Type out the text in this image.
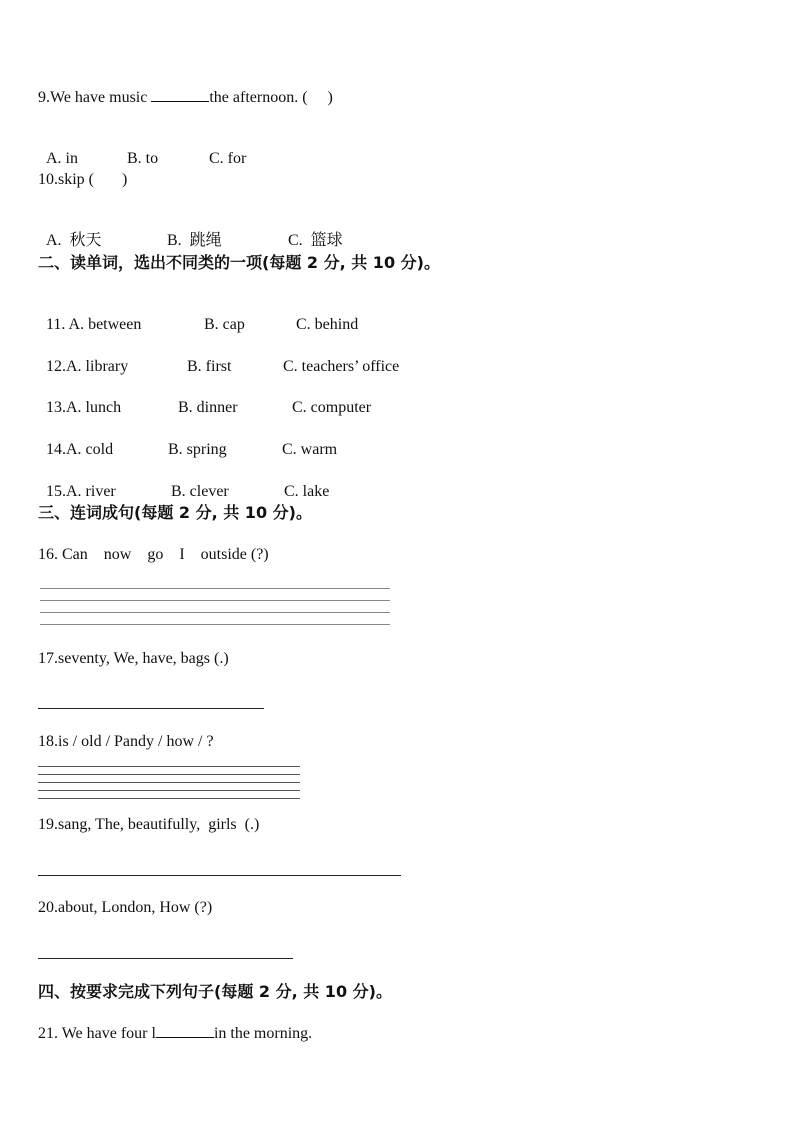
9.We have music	the afternoon. (     )

A. in	B. to	C. for

10.skip (       )

A.  秋天	B.  跳绳	C.  篮球

二、读单词，选出不同类的一项(每题 2 分, 共 10 分)。

11. A. between	B. cap	C. behind

12.A. library	B. first	C. teachers’ office

13.A. lunch	B. dinner	C. computer

14.A. cold	B. spring	C. warm

15.A. river	B. clever	C. lake

三、连词成句(每题 2 分, 共 10 分)。
16. Can    now    go    I    outside (?)
17.seventy, We, have, bags (.)
18.is / old / Pandy / how / ?
19.sang, The, beautifully,  girls  (.)
20.about, London, How (?)
四、按要求完成下列句子(每题 2 分, 共 10 分)。
21. We have four l	in the morning.
